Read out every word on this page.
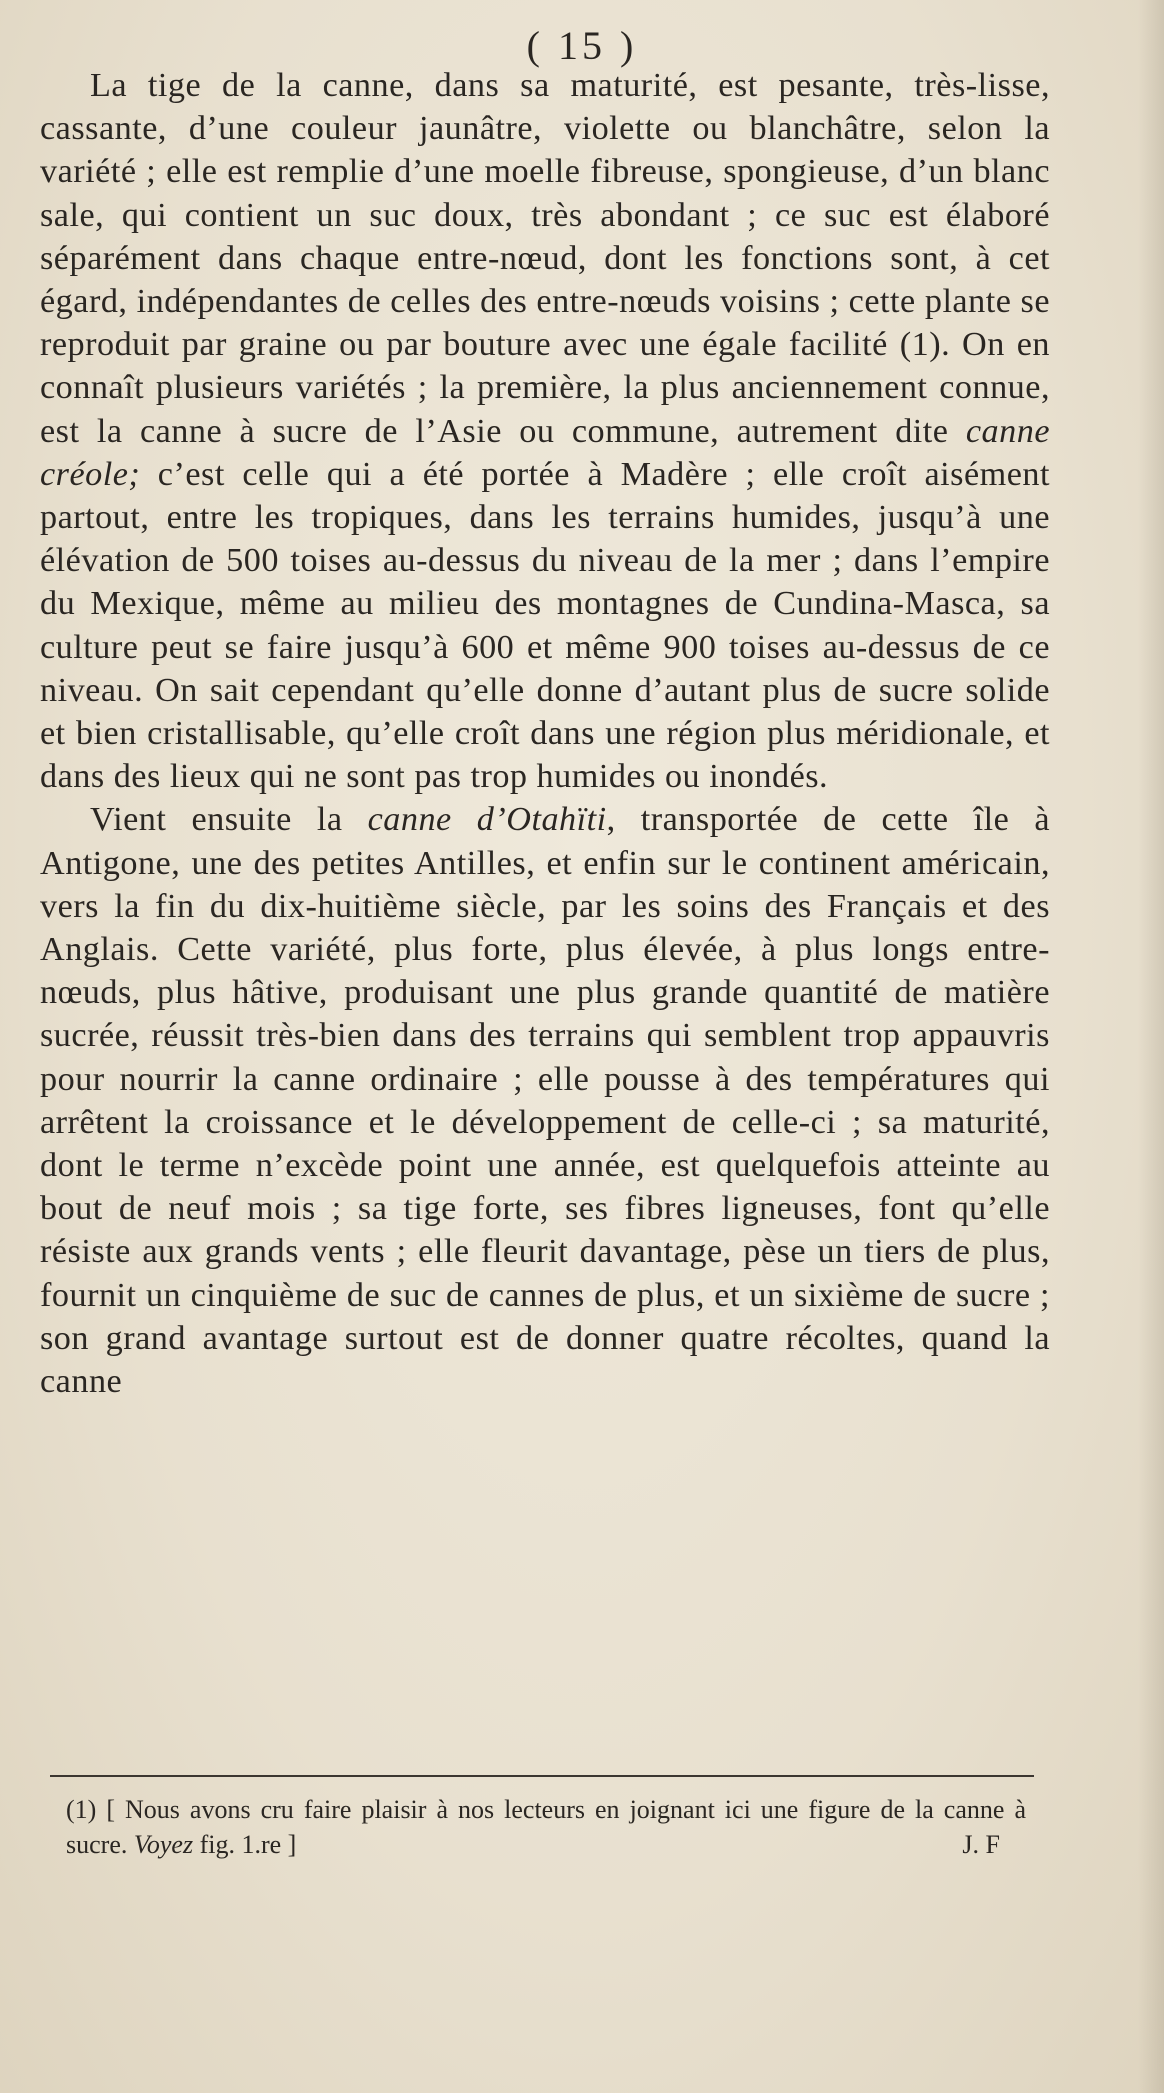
( 15 )

La tige de la canne, dans sa maturité, est pesante, très-lisse, cassante, d’une couleur jaunâtre, violette ou blanchâtre, selon la variété ; elle est remplie d’une moelle fibreuse, spongieuse, d’un blanc sale, qui contient un suc doux, très abondant ; ce suc est élaboré séparément dans chaque entre-nœud, dont les fonctions sont, à cet égard, indépendantes de celles des entre-nœuds voisins ; cette plante se reproduit par graine ou par bouture avec une égale facilité (1). On en connaît plusieurs variétés ; la première, la plus anciennement connue, est la canne à sucre de l’Asie ou commune, autrement dite canne créole; c’est celle qui a été portée à Madère ; elle croît aisément partout, entre les tropiques, dans les terrains humides, jusqu’à une élévation de 500 toises au-dessus du niveau de la mer ; dans l’empire du Mexique, même au milieu des montagnes de Cundina-Masca, sa culture peut se faire jusqu’à 600 et même 900 toises au-dessus de ce niveau. On sait cependant qu’elle donne d’autant plus de sucre solide et bien cristallisable, qu’elle croît dans une région plus méridionale, et dans des lieux qui ne sont pas trop humides ou inondés.

Vient ensuite la canne d’Otahïti, transportée de cette île à Antigone, une des petites Antilles, et enfin sur le continent américain, vers la fin du dix-huitième siècle, par les soins des Français et des Anglais. Cette variété, plus forte, plus élevée, à plus longs entre-nœuds, plus hâtive, produisant une plus grande quantité de matière sucrée, réussit très-bien dans des terrains qui semblent trop appauvris pour nourrir la canne ordinaire ; elle pousse à des températures qui arrêtent la croissance et le développement de celle-ci ; sa maturité, dont le terme n’excède point une année, est quelquefois atteinte au bout de neuf mois ; sa tige forte, ses fibres ligneuses, font qu’elle résiste aux grands vents ; elle fleurit davantage, pèse un tiers de plus, fournit un cinquième de suc de cannes de plus, et un sixième de sucre ; son grand avantage surtout est de donner quatre récoltes, quand la canne

(1) [ Nous avons cru faire plaisir à nos lecteurs en joignant ici une figure de la canne à sucre. Voyez fig. 1.re ]	J. F
